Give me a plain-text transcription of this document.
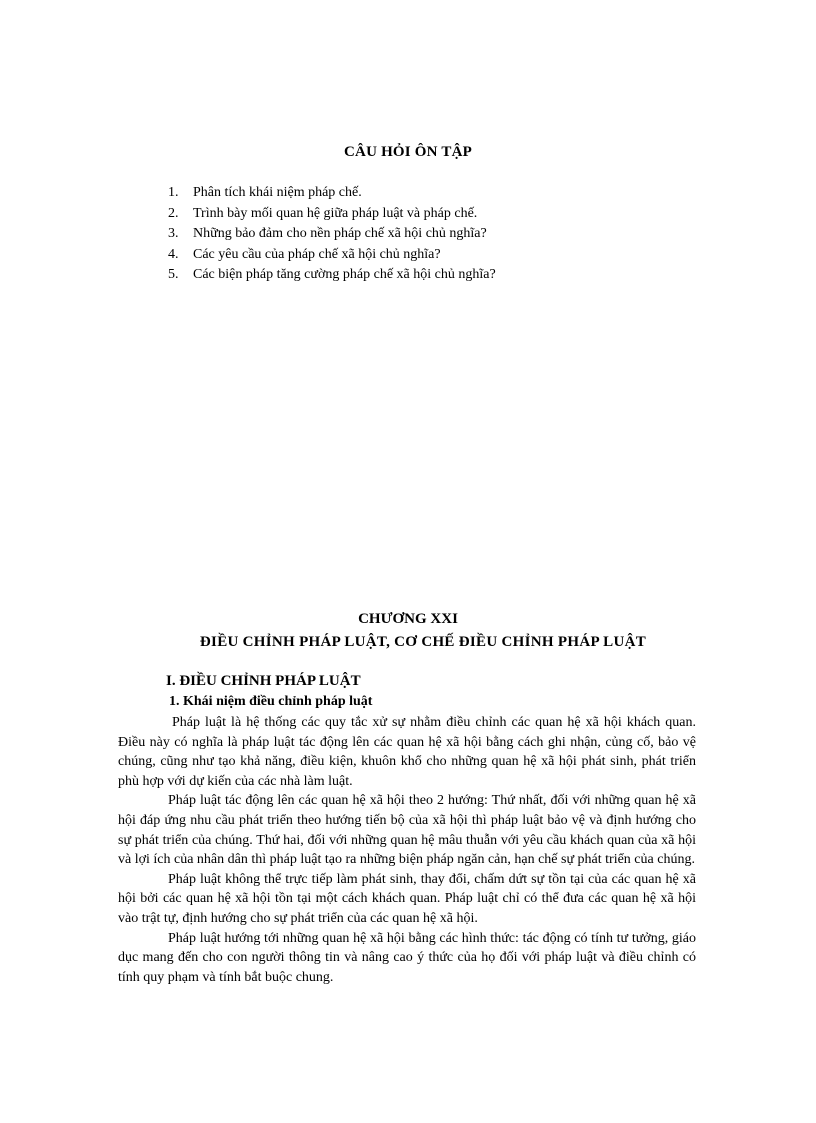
CÂU HỎI ÔN TẬP
1. Phân tích khái niệm pháp chế.
2. Trình bày mối quan hệ giữa pháp luật và pháp chế.
3. Những bảo đảm cho nền pháp chế xã hội chủ nghĩa?
4. Các yêu cầu của pháp chế xã hội chủ nghĩa?
5. Các biện pháp tăng cường pháp chế xã hội chủ nghĩa?
CHƯƠNG XXI
ĐIỀU CHỈNH PHÁP LUẬT, CƠ CHẾ ĐIỀU CHỈNH PHÁP LUẬT
I. ĐIỀU CHỈNH PHÁP LUẬT
1. Khái niệm điều chỉnh pháp luật

Pháp luật là hệ thống các quy tắc xử sự nhằm điều chỉnh các quan hệ xã hội khách quan. Điều này có nghĩa là pháp luật tác động lên các quan hệ xã hội bằng cách ghi nhận, củng cố, bảo vệ chúng, cũng như tạo khả năng, điều kiện, khuôn khổ cho những quan hệ xã hội phát sinh, phát triển phù hợp với dự kiến của các nhà làm luật.

Pháp luật tác động lên các quan hệ xã hội theo 2 hướng: Thứ nhất, đối với những quan hệ xã hội đáp ứng nhu cầu phát triển theo hướng tiến bộ của xã hội thì pháp luật bảo vệ và định hướng cho sự phát triển của chúng. Thứ hai, đối với những quan hệ mâu thuẫn với yêu cầu khách quan của xã hội và lợi ích của nhân dân thì pháp luật tạo ra những biện pháp ngăn cản, hạn chế sự phát triển của chúng.

Pháp luật không thể trực tiếp làm phát sinh, thay đổi, chấm dứt sự tồn tại của các quan hệ xã hội bởi các quan hệ xã hội tồn tại một cách khách quan. Pháp luật chỉ có thể đưa các quan hệ xã hội vào trật tự, định hướng cho sự phát triển của các quan hệ xã hội.

Pháp luật hướng tới những quan hệ xã hội bằng các hình thức: tác động có tính tư tưởng, giáo dục mang đến cho con người thông tin và nâng cao ý thức của họ đối với pháp luật và điều chỉnh có tính quy phạm và tính bắt buộc chung.
